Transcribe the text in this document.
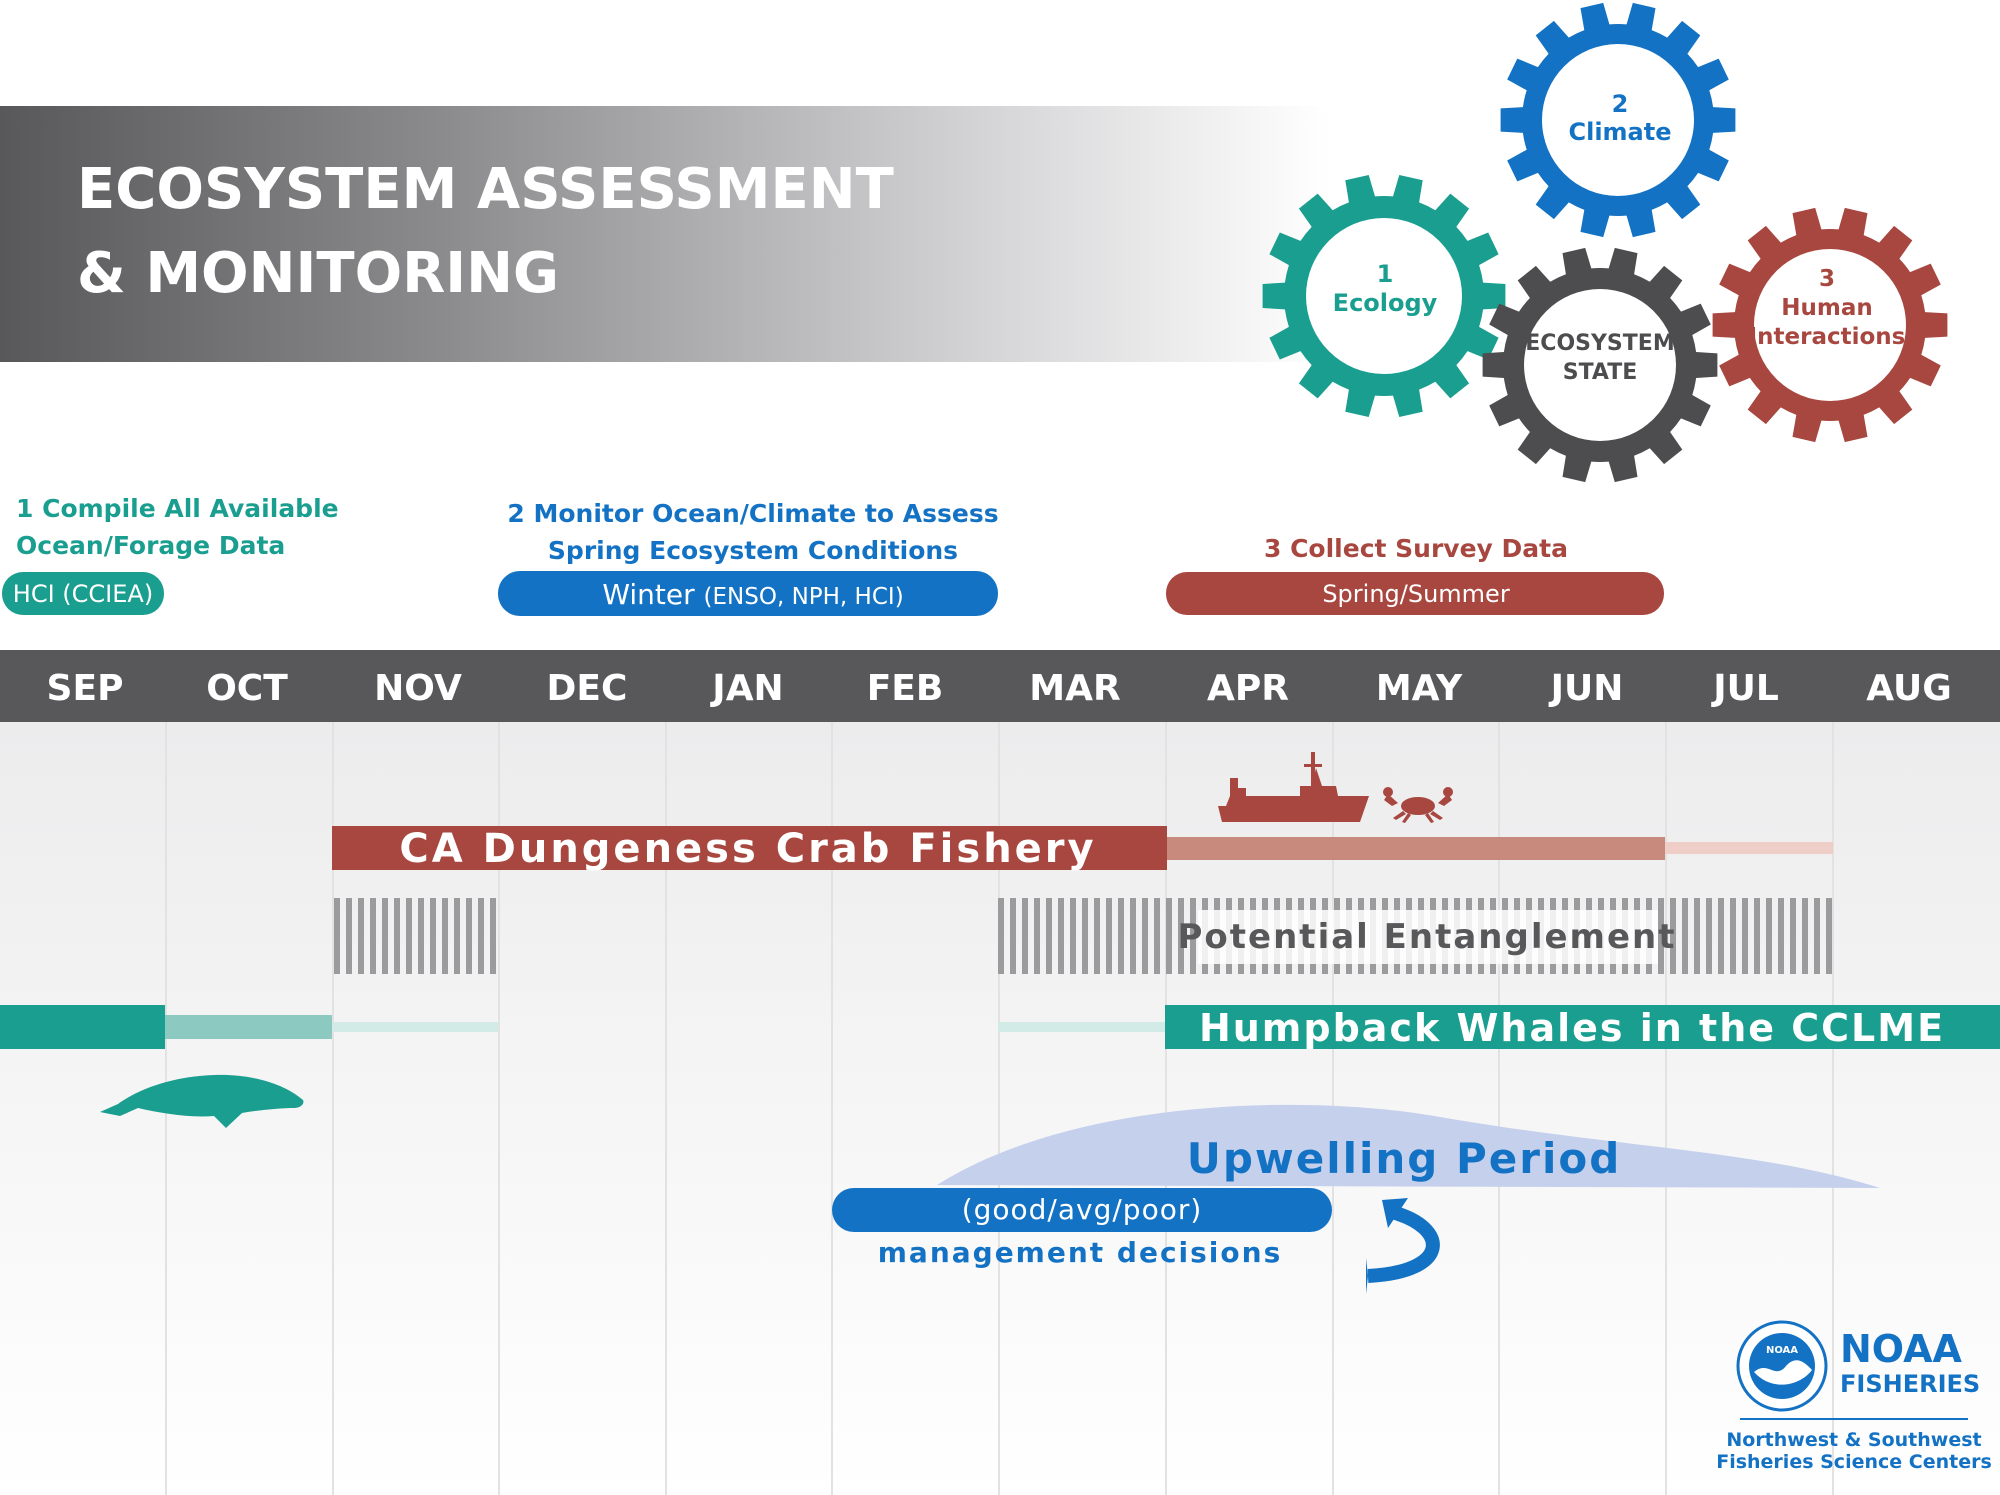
ECOSYSTEM ASSESSMENT
& MONITORING
2
Climate
1
Ecology
3
Human
Interactions
ECOSYSTEM
STATE
1 Compile All Available
Ocean/Forage Data
HCI (CCIEA)
2 Monitor Ocean/Climate to Assess
Spring Ecosystem Conditions
Winter (ENSO, NPH, HCI)
3 Collect Survey Data
Spring/Summer
SEP OCT NOV DEC JAN FEB MAR APR MAY JUN JUL AUG
CA Dungeness Crab Fishery
Potential Entanglement
Humpback Whales in the CCLME
Upwelling Period
(good/avg/poor)
management decisions
NOAA NOAA
FISHERIES
Northwest & Southwest
Fisheries Science Centers
